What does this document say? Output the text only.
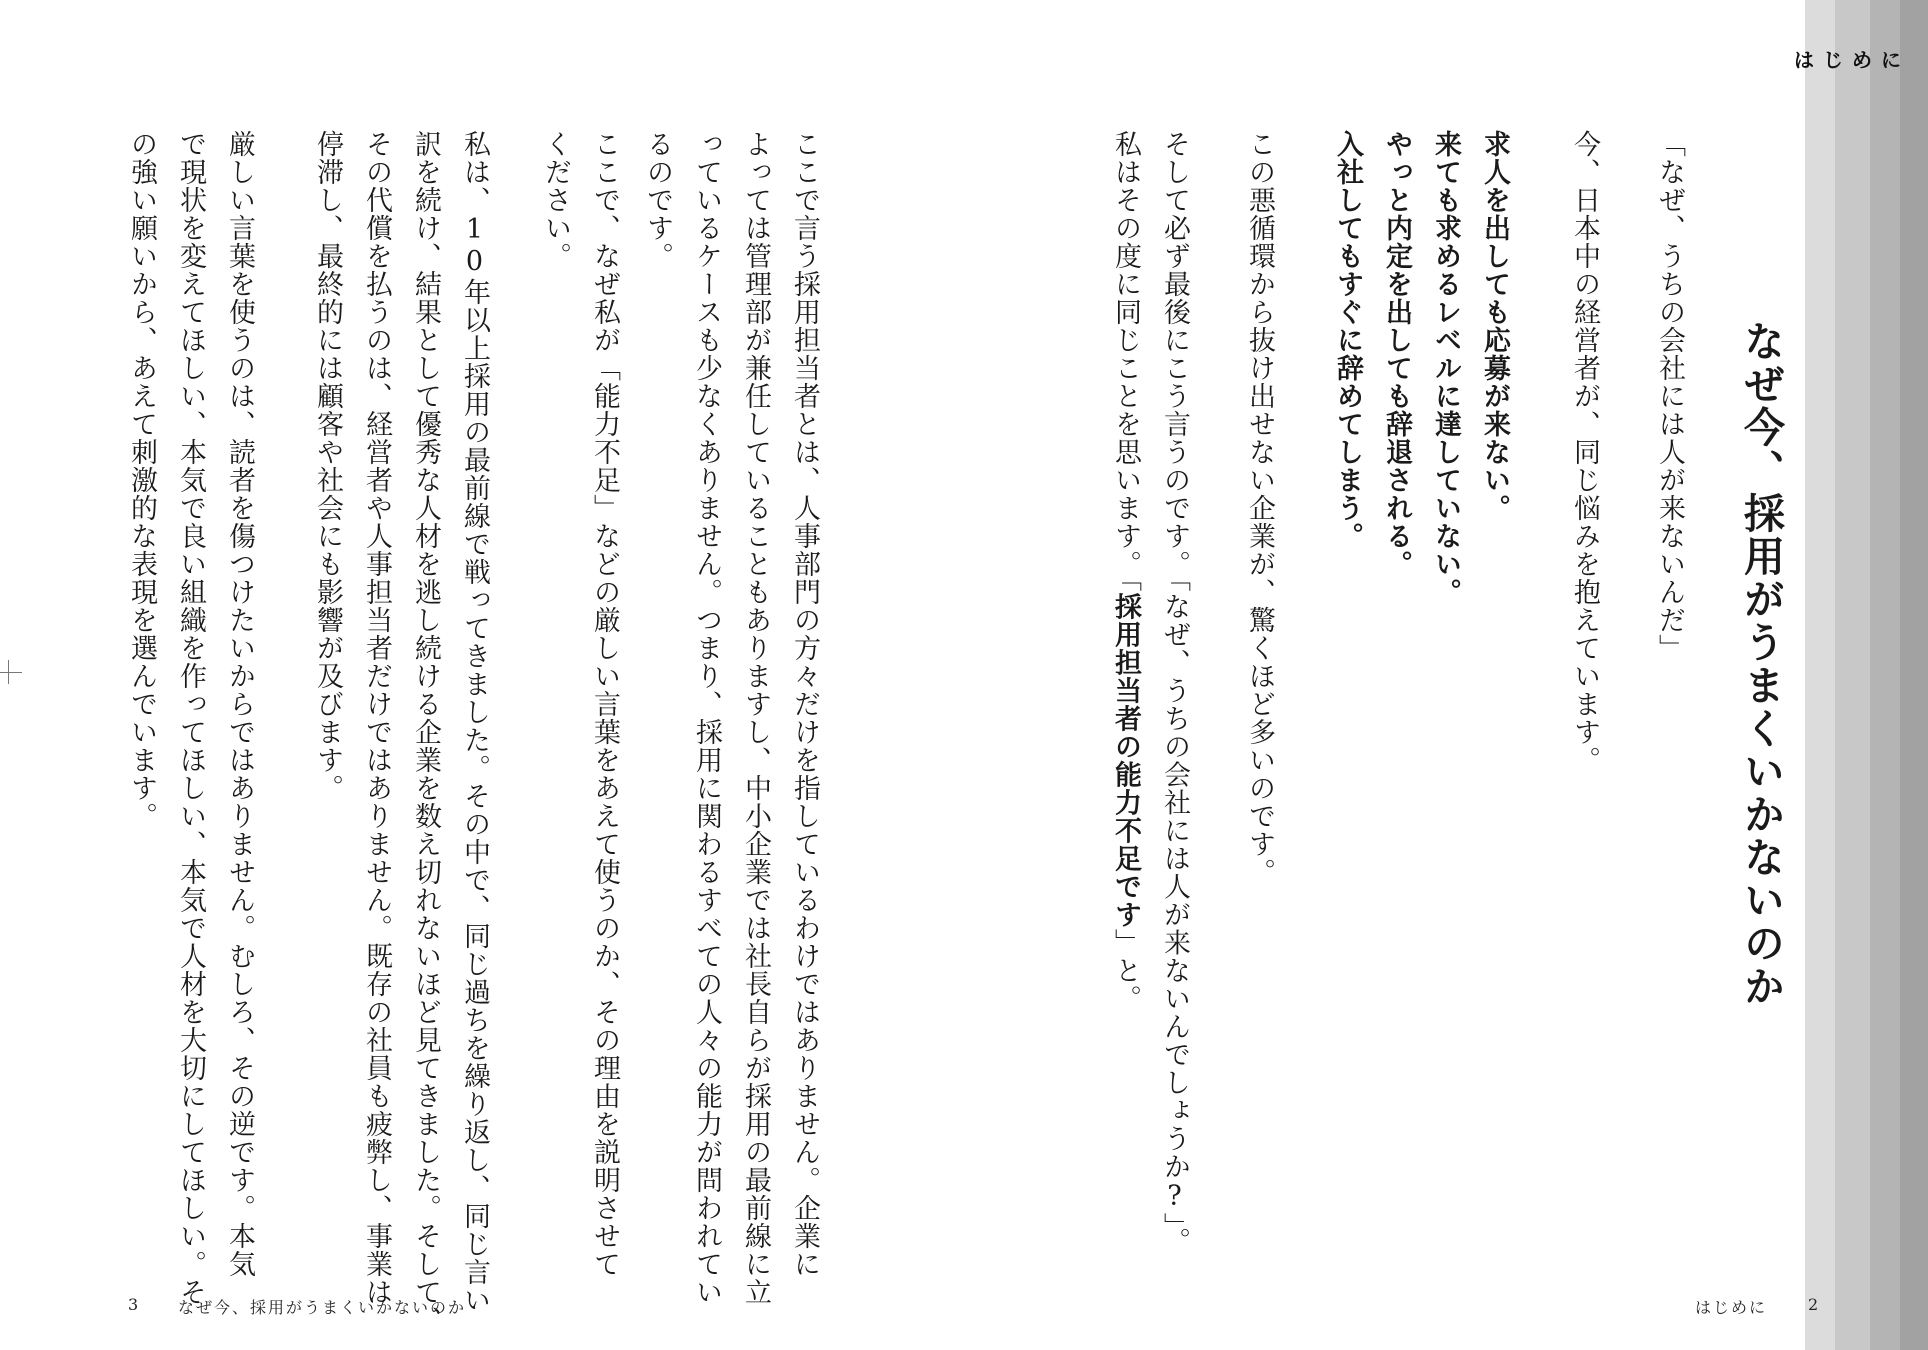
はじめに
なぜ今、採用がうまくいかないのか
「なぜ、うちの会社には人が来ないんだ」
今、日本中の経営者が、同じ悩みを抱えています。
求人を出しても応募が来ない。
来ても求めるレベルに達していない。
やっと内定を出しても辞退される。
入社してもすぐに辞めてしまう。
この悪循環から抜け出せない企業が、驚くほど多いのです。
そして必ず最後にこう言うのです。「なぜ、うちの会社には人が来ないんでしょうか?」。
私はその度に同じことを思います。「採用担当者の能力不足です」と。
ここで言う採用担当者とは、人事部門の方々だけを指しているわけではありません。企業に
よっては管理部が兼任していることもありますし、中小企業では社長自らが採用の最前線に立
っているケースも少なくありません。つまり、採用に関わるすべての人々の能力が問われてい
るのです。
ここで、なぜ私が「能力不足」などの厳しい言葉をあえて使うのか、その理由を説明させて
ください。
私は、10年以上採用の最前線で戦ってきました。その中で、同じ過ちを繰り返し、同じ言い
訳を続け、結果として優秀な人材を逃し続ける企業を数え切れないほど見てきました。そして、
その代償を払うのは、経営者や人事担当者だけではありません。既存の社員も疲弊し、事業は
停滞し、最終的には顧客や社会にも影響が及びます。
厳しい言葉を使うのは、読者を傷つけたいからではありません。むしろ、その逆です。本気
で現状を変えてほしい、本気で良い組織を作ってほしい、本気で人材を大切にしてほしい。そ
の強い願いから、あえて刺激的な表現を選んでいます。
3 なぜ今、採用がうまくいかないのか	はじめに	2
